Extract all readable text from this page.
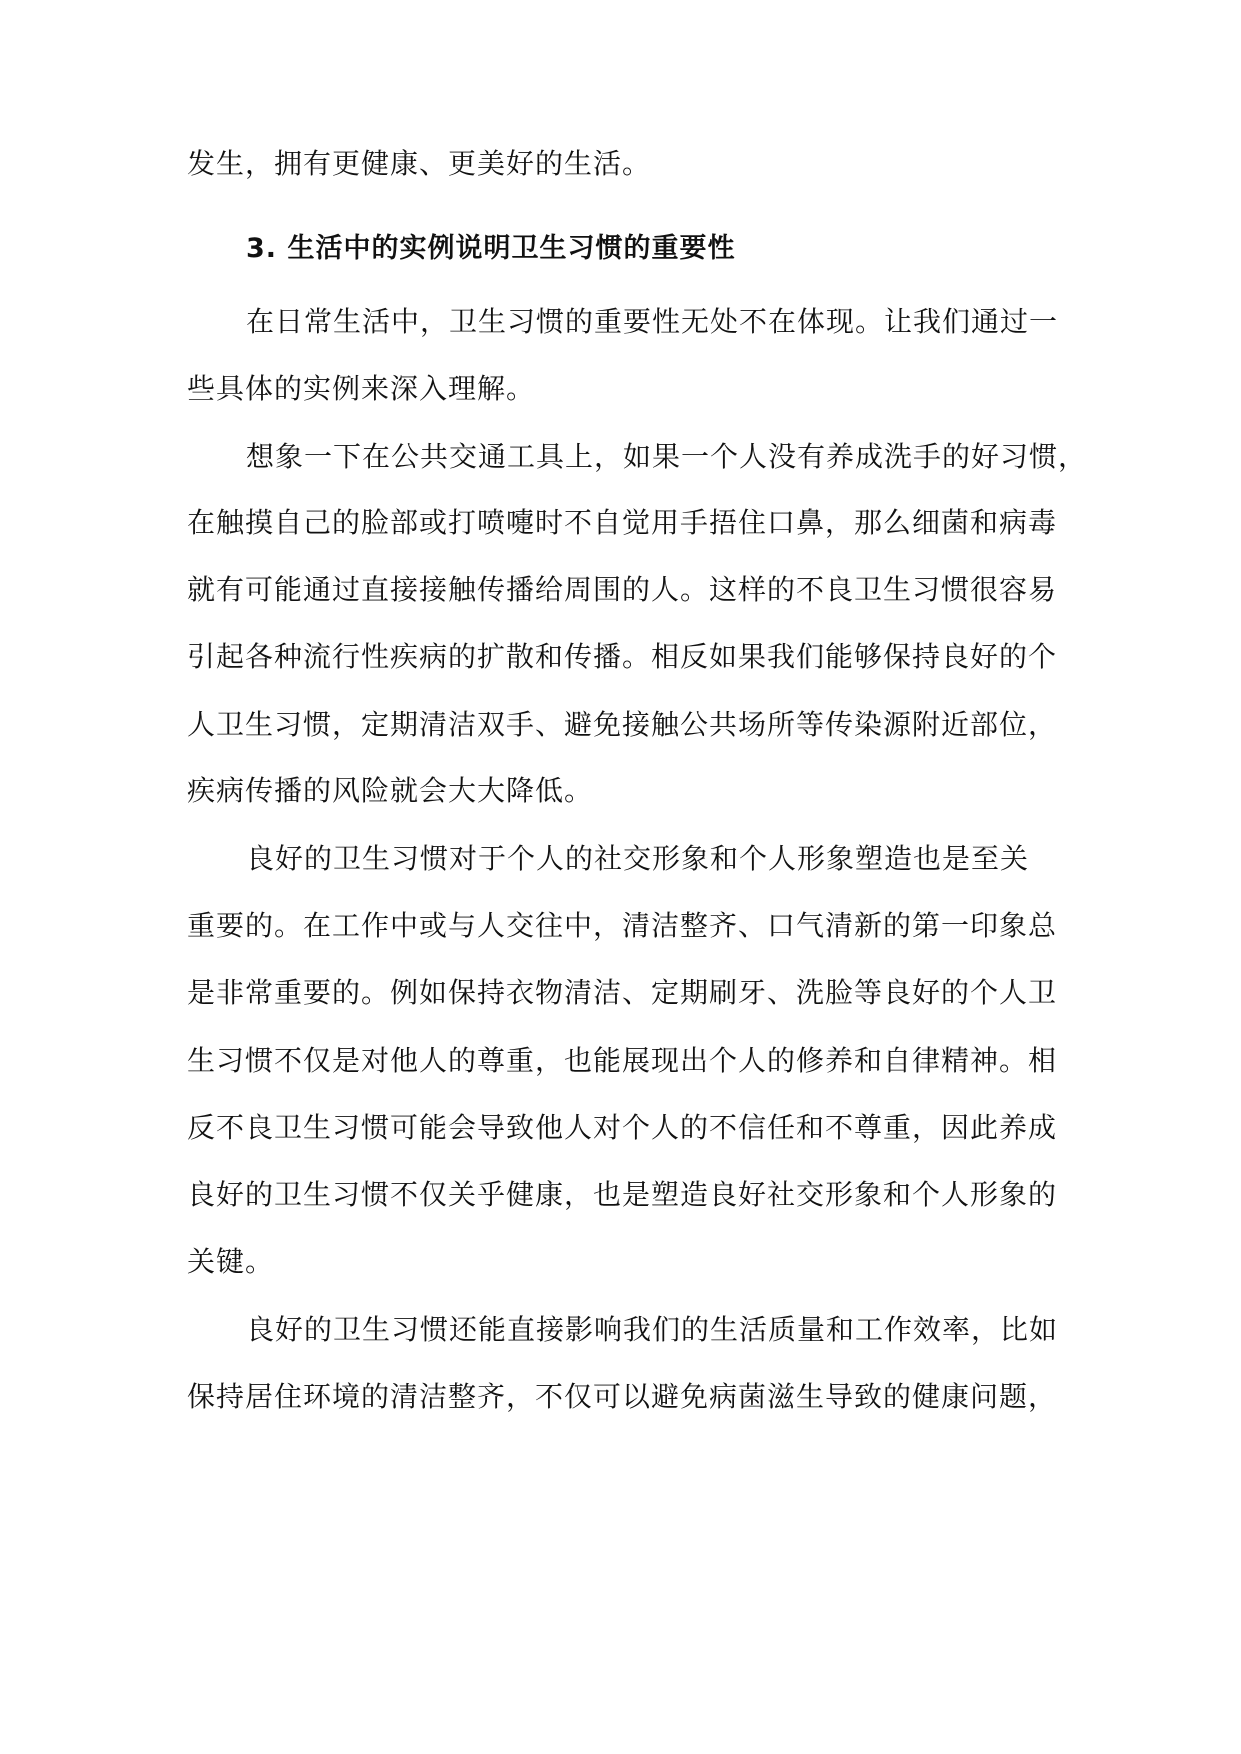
发生，拥有更健康、更美好的生活。
3. 生活中的实例说明卫生习惯的重要性
在日常生活中，卫生习惯的重要性无处不在体现。让我们通过一
些具体的实例来深入理解。
想象一下在公共交通工具上，如果一个人没有养成洗手的好习惯，
在触摸自己的脸部或打喷嚏时不自觉用手捂住口鼻，那么细菌和病毒
就有可能通过直接接触传播给周围的人。这样的不良卫生习惯很容易
引起各种流行性疾病的扩散和传播。相反如果我们能够保持良好的个
人卫生习惯，定期清洁双手、避免接触公共场所等传染源附近部位，
疾病传播的风险就会大大降低。
良好的卫生习惯对于个人的社交形象和个人形象塑造也是至关
重要的。在工作中或与人交往中，清洁整齐、口气清新的第一印象总
是非常重要的。例如保持衣物清洁、定期刷牙、洗脸等良好的个人卫
生习惯不仅是对他人的尊重，也能展现出个人的修养和自律精神。相
反不良卫生习惯可能会导致他人对个人的不信任和不尊重，因此养成
良好的卫生习惯不仅关乎健康，也是塑造良好社交形象和个人形象的
关键。
良好的卫生习惯还能直接影响我们的生活质量和工作效率，比如
保持居住环境的清洁整齐，不仅可以避免病菌滋生导致的健康问题，
